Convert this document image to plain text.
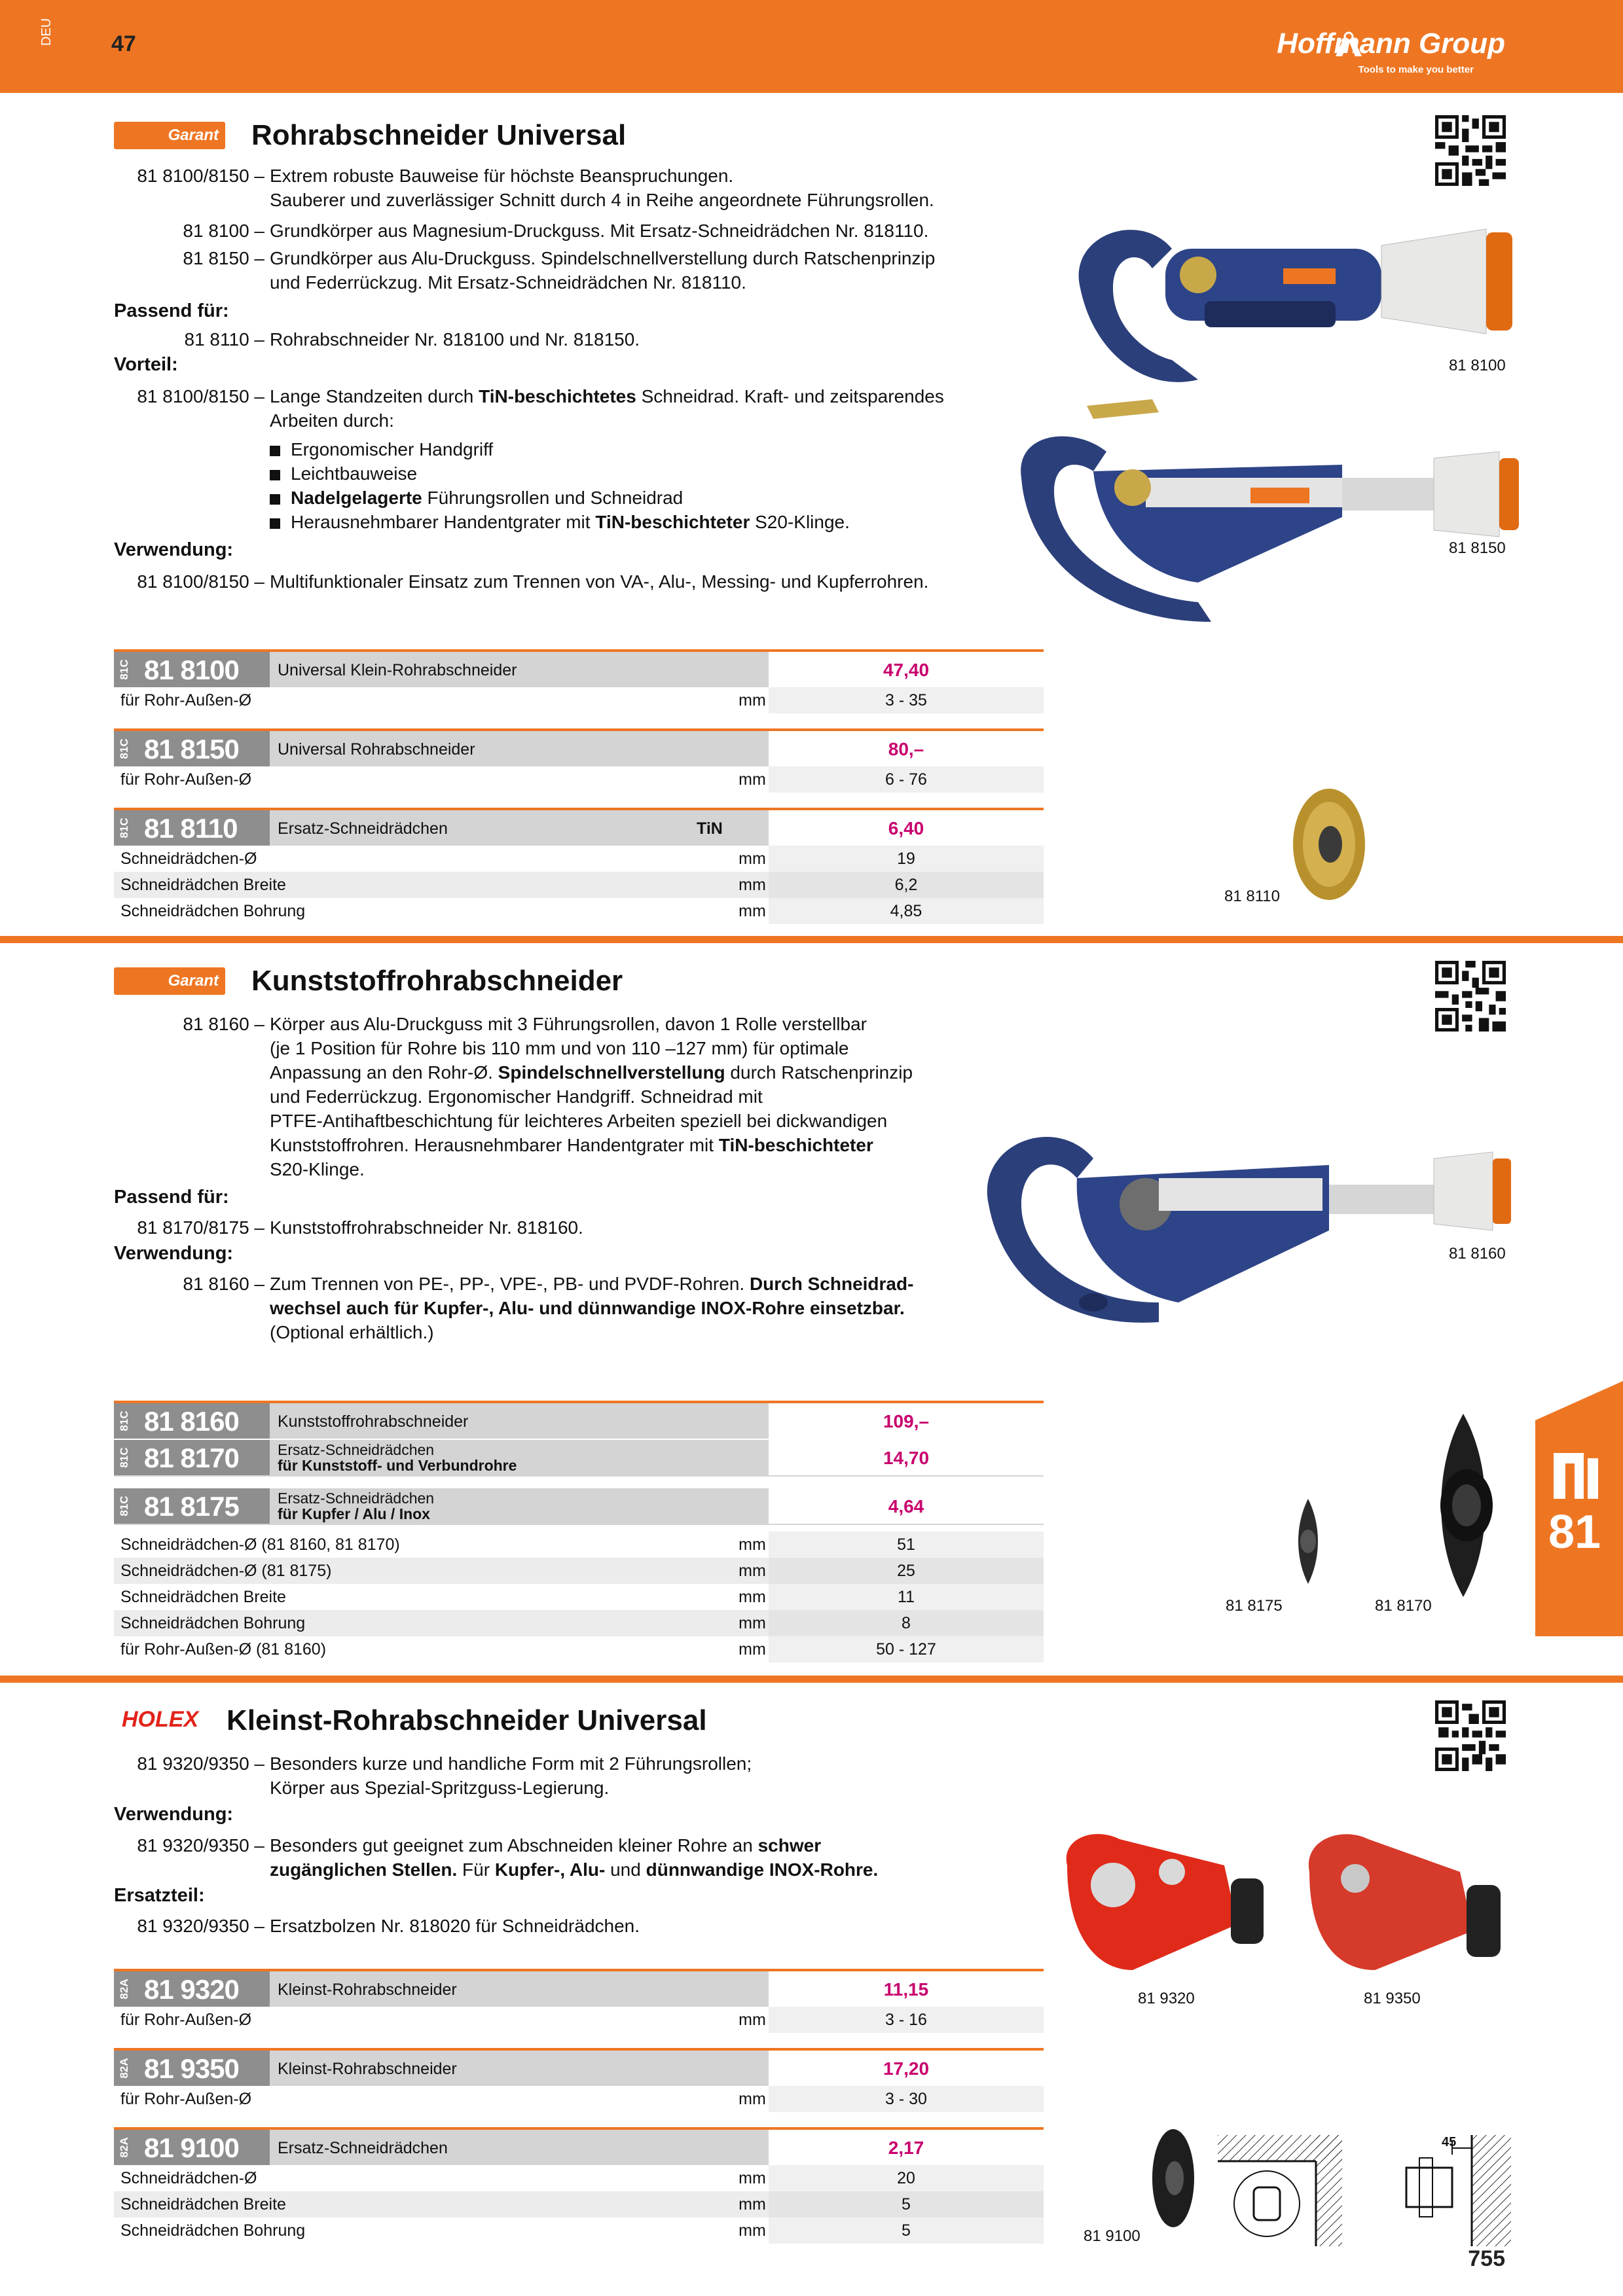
DEU	47	Hoffmann Group
Tools to make you better
Garant Rohrabschneider Universal
81 8100/8150 – Extrem robuste Bauweise für höchste Beanspruchungen.
Sauberer und zuverlässiger Schnitt durch 4 in Reihe angeordnete Führungsrollen.
81 8100 – Grundkörper aus Magnesium-Druckguss. Mit Ersatz-Schneidrädchen Nr. 818110.
81 8150 – Grundkörper aus Alu-Druckguss. Spindelschnellverstellung durch Ratschenprinzip
und Federrückzug. Mit Ersatz-Schneidrädchen Nr. 818110.
Passend für:
81 8110 – Rohrabschneider Nr. 818100 und Nr. 818150.
Vorteil:
81 8100/8150 – Lange Standzeiten durch TiN-beschichtetes Schneidrad. Kraft- und zeitsparendes
Arbeiten durch:
Ergonomischer Handgriff
Leichtbauweise
Nadelgelagerte Führungsrollen und Schneidrad
Herausnehmbarer Handentgrater mit TiN-beschichteter S20-Klinge.
Verwendung:
81 8100/8150 – Multifunktionaler Einsatz zum Trennen von VA-, Alu-, Messing- und Kupferrohren.
81 8100
81 8150
81 8110
81C 81 8100 Universal Klein-Rohrabschneider	47,40
für Rohr-Außen-Ø	mm	3 - 35
81C 81 8150 Universal Rohrabschneider	80,–
für Rohr-Außen-Ø	mm	6 - 76
81C 81 8110 Ersatz-Schneidrädchen	TiN	6,40
Schneidrädchen-Ø	mm	19
Schneidrädchen Breite	mm	6,2
Schneidrädchen Bohrung	mm	4,85
Garant Kunststoffrohrabschneider
81 8160 – Körper aus Alu-Druckguss mit 3 Führungsrollen, davon 1 Rolle verstellbar
(je 1 Position für Rohre bis 110 mm und von 110 –127 mm) für optimale
Anpassung an den Rohr-Ø. Spindelschnellverstellung durch Ratschenprinzip
und Federrückzug. Ergonomischer Handgriff. Schneidrad mit
PTFE-Antihaftbeschichtung für leichteres Arbeiten speziell bei dickwandigen
Kunststoffrohren. Herausnehmbarer Handentgrater mit TiN-beschichteter
S20-Klinge.
Passend für:
81 8170/8175 – Kunststoffrohrabschneider Nr. 818160.
Verwendung:
81 8160 – Zum Trennen von PE-, PP-, VPE-, PB- und PVDF-Rohren. Durch Schneidrad-
wechsel auch für Kupfer-, Alu- und dünnwandige INOX-Rohre einsetzbar.
(Optional erhältlich.)
81 8160
81 8175	81 8170
81C 81 8160 Kunststoffrohrabschneider	109,–
81C 81 8170	Ersatz-Schneidrädchen
für Kunststoff- und Verbundrohre	14,70
81C 81 8175	Ersatz-Schneidrädchen
für Kupfer / Alu / Inox	4,64
Schneidrädchen-Ø (81 8160, 81 8170)	mm	51
Schneidrädchen-Ø (81 8175)	mm	25
Schneidrädchen Breite	mm	11
Schneidrädchen Bohrung	mm	8
für Rohr-Außen-Ø (81 8160)	mm	50 - 127
81
HOLEX Kleinst-Rohrabschneider Universal
81 9320/9350 – Besonders kurze und handliche Form mit 2 Führungsrollen;
Körper aus Spezial-Spritzguss-Legierung.
Verwendung:
81 9320/9350 – Besonders gut geeignet zum Abschneiden kleiner Rohre an schwer
zugänglichen Stellen. Für Kupfer-, Alu- und dünnwandige INOX-Rohre.
Ersatzteil:
81 9320/9350 – Ersatzbolzen Nr. 818020 für Schneidrädchen.
81 9320	81 9350
81 9100
45
82A 81 9320 Kleinst-Rohrabschneider	11,15
für Rohr-Außen-Ø	mm	3 - 16
82A 81 9350 Kleinst-Rohrabschneider	17,20
für Rohr-Außen-Ø	mm	3 - 30
82A 81 9100 Ersatz-Schneidrädchen	2,17
Schneidrädchen-Ø	mm	20
Schneidrädchen Breite	mm	5
Schneidrädchen Bohrung	mm	5
755
